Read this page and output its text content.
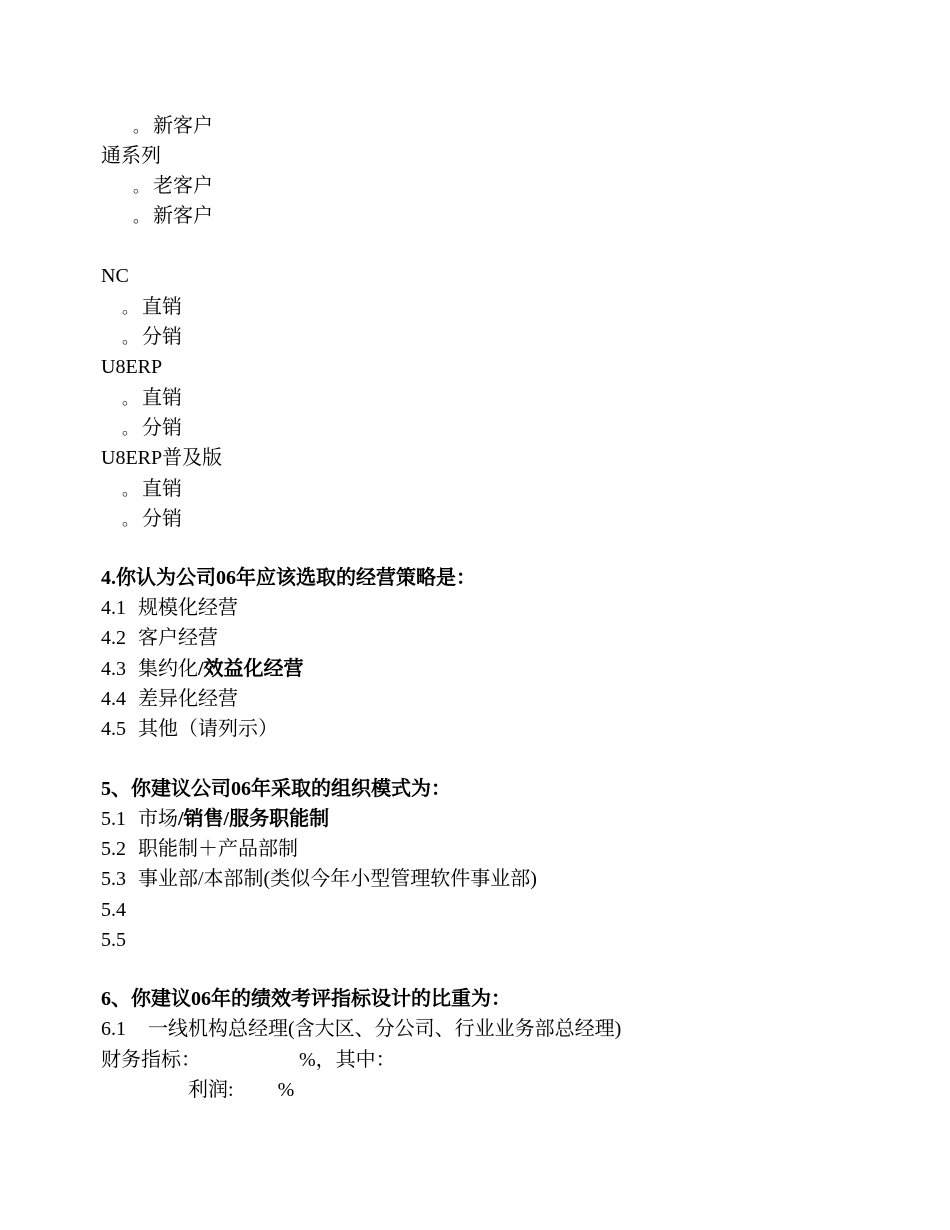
。 新客户
通系列
。 老客户
。 新客户
NC
。 直销
。 分销
U8ERP
。 直销
。 分销
U8ERP普及版
。 直销
。 分销
4.你认为公司06年应该选取的经营策略是：
4.1 规模化经营
4.2 客户经营
4.3 集约化/效益化经营
4.4 差异化经营
4.5 其他（请列示）
5、你建议公司06年采取的组织模式为：
5.1 市场/销售/服务职能制
5.2 职能制＋产品部制
5.3 事业部/本部制(类似今年小型管理软件事业部)
5.4
5.5
6、你建议06年的绩效考评指标设计的比重为：
6.1 一线机构总经理(含大区、分公司、行业业务部总经理)
财务指标：	%，其中：
利润: %
